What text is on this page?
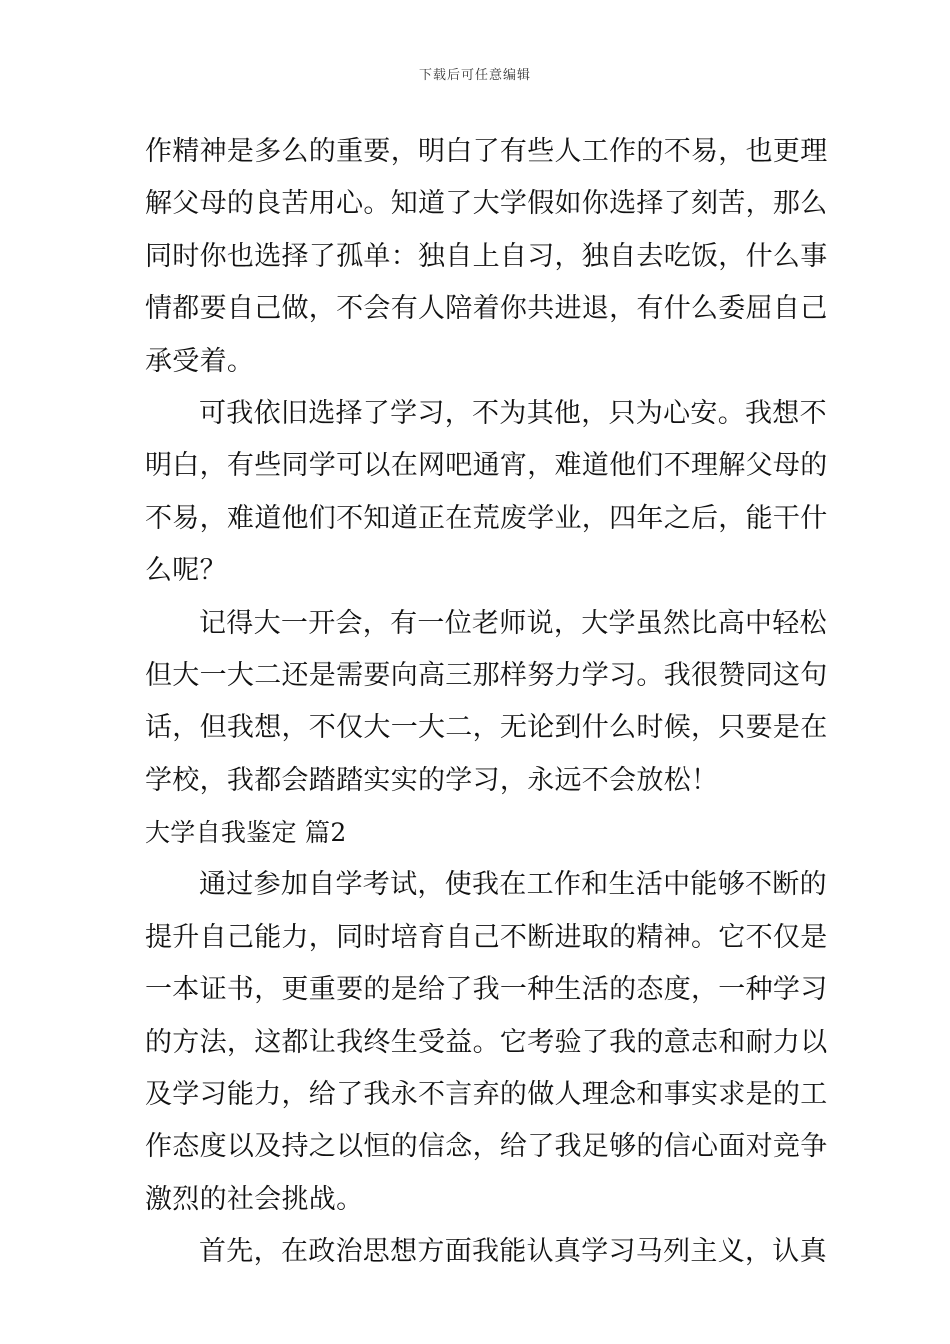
下载后可任意编辑
作精神是多么的重要，明白了有些人工作的不易，也更理
解父母的良苦用心。知道了大学假如你选择了刻苦，那么
同时你也选择了孤单：独自上自习，独自去吃饭，什么事
情都要自己做，不会有人陪着你共进退，有什么委屈自己
承受着。
可我依旧选择了学习，不为其他，只为心安。我想不
明白，有些同学可以在网吧通宵，难道他们不理解父母的
不易，难道他们不知道正在荒废学业，四年之后，能干什
么呢？
记得大一开会，有一位老师说，大学虽然比高中轻松
但大一大二还是需要向高三那样努力学习。我很赞同这句
话，但我想，不仅大一大二，无论到什么时候，只要是在
学校，我都会踏踏实实的学习，永远不会放松！
大学自我鉴定 篇2
通过参加自学考试，使我在工作和生活中能够不断的
提升自己能力，同时培育自己不断进取的精神。它不仅是
一本证书，更重要的是给了我一种生活的态度，一种学习
的方法，这都让我终生受益。它考验了我的意志和耐力以
及学习能力，给了我永不言弃的做人理念和事实求是的工
作态度以及持之以恒的信念，给了我足够的信心面对竞争
激烈的社会挑战。
首先，在政治思想方面我能认真学习马列主义，认真
